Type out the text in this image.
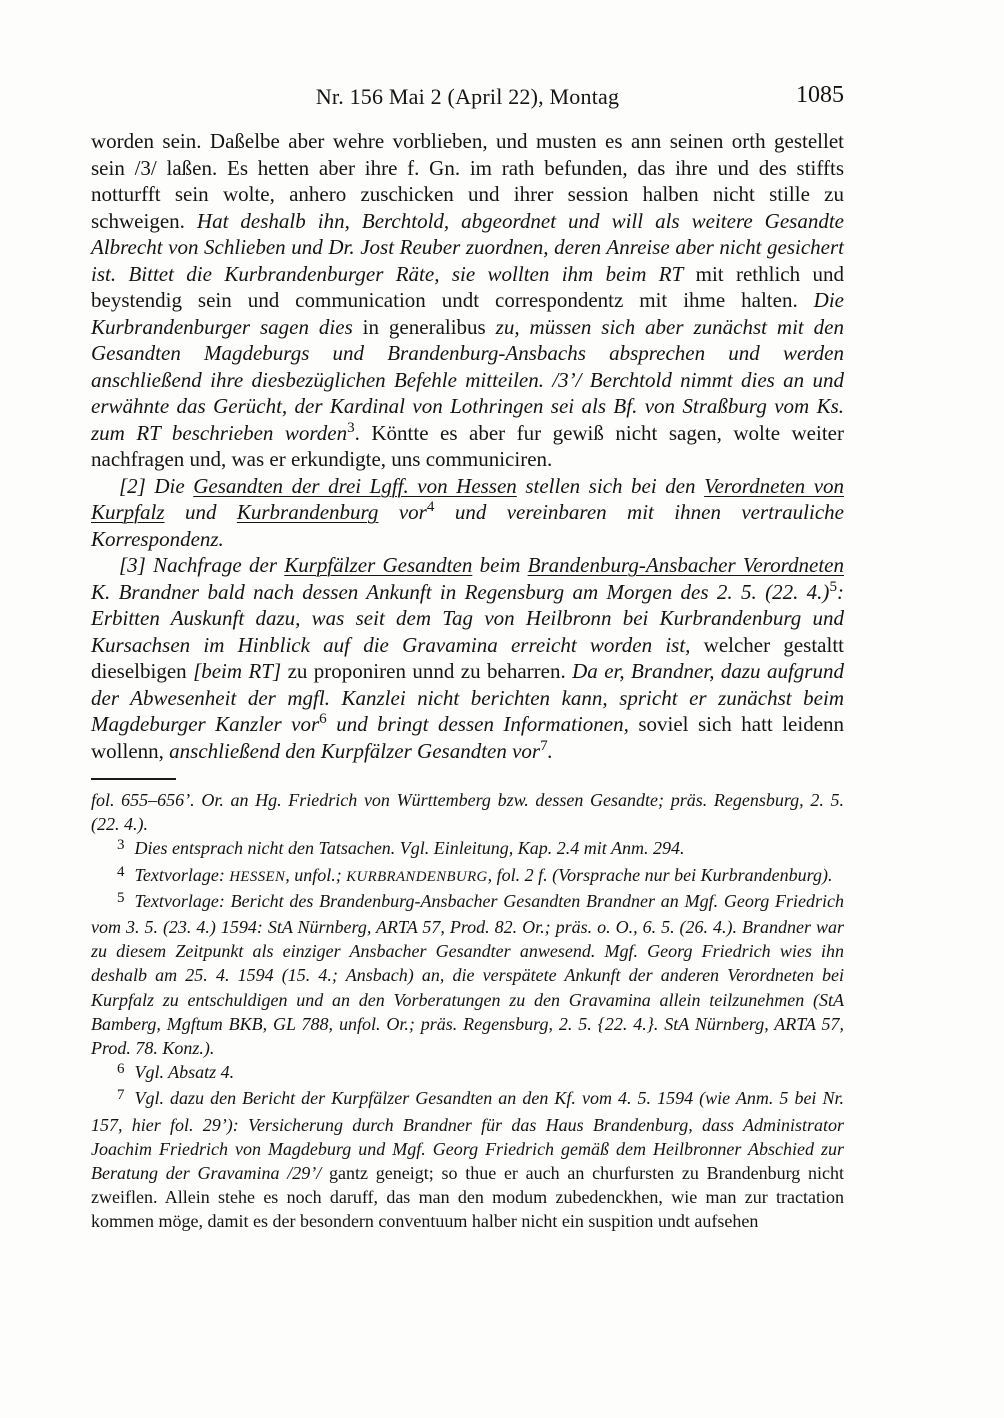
Nr. 156 Mai 2 (April 22), Montag	1085

worden sein. Daßelbe aber wehre vorblieben, und musten es ann seinen orth gestellet sein /3/ laßen. Es hetten aber ihre f. Gn. im rath befunden, das ihre und des stiffts notturfft sein wolte, anhero zuschicken und ihrer session halben nicht stille zu schweigen. Hat deshalb ihn, Berchtold, abgeordnet und will als weitere Gesandte Albrecht von Schlieben und Dr. Jost Reuber zuordnen, deren Anreise aber nicht gesichert ist. Bittet die Kurbrandenburger Räte, sie wollten ihm beim RT mit rethlich und beystendig sein und communication undt correspondentz mit ihme halten. Die Kurbrandenburger sagen dies in generalibus zu, müssen sich aber zunächst mit den Gesandten Magdeburgs und Brandenburg-Ansbachs absprechen und werden anschließend ihre diesbezüglichen Befehle mitteilen. /3’/ Berchtold nimmt dies an und erwähnte das Gerücht, der Kardinal von Lothringen sei als Bf. von Straßburg vom Ks. zum RT beschrieben worden$^3$. Köntte es aber fur gewiß nicht sagen, wolte weiter nachfragen und, was er erkundigte, uns communiciren.

[2] Die Gesandten der drei Lgff. von Hessen stellen sich bei den Verordneten von Kurpfalz und Kurbrandenburg vor$^4$ und vereinbaren mit ihnen vertrauliche Korrespondenz.

[3] Nachfrage der Kurpfälzer Gesandten beim Brandenburg-Ansbacher Verordneten K. Brandner bald nach dessen Ankunft in Regensburg am Morgen des 2. 5. (22. 4.)$^5$: Erbitten Auskunft dazu, was seit dem Tag von Heilbronn bei Kurbrandenburg und Kursachsen im Hinblick auf die Gravamina erreicht worden ist, welcher gestaltt dieselbigen [beim RT] zu proponiren unnd zu beharren. Da er, Brandner, dazu aufgrund der Abwesenheit der mgfl. Kanzlei nicht berichten kann, spricht er zunächst beim Magdeburger Kanzler vor$^6$ und bringt dessen Informationen, soviel sich hatt leidenn wollenn, anschließend den Kurpfälzer Gesandten vor$^7$.

fol. 655–656’. Or. an Hg. Friedrich von Württemberg bzw. dessen Gesandte; präs. Regensburg, 2. 5. (22. 4.).

3 Dies entsprach nicht den Tatsachen. Vgl. Einleitung, Kap. 2.4 mit Anm. 294.

4 Textvorlage: HESSEN, unfol.; KURBRANDENBURG, fol. 2 f. (Vorsprache nur bei Kurbrandenburg).

5 Textvorlage: Bericht des Brandenburg-Ansbacher Gesandten Brandner an Mgf. Georg Friedrich vom 3. 5. (23. 4.) 1594: StA Nürnberg, ARTA 57, Prod. 82. Or.; präs. o. O., 6. 5. (26. 4.). Brandner war zu diesem Zeitpunkt als einziger Ansbacher Gesandter anwesend. Mgf. Georg Friedrich wies ihn deshalb am 25. 4. 1594 (15. 4.; Ansbach) an, die verspätete Ankunft der anderen Verordneten bei Kurpfalz zu entschuldigen und an den Vorberatungen zu den Gravamina allein teilzunehmen (StA Bamberg, Mgftum BKB, GL 788, unfol. Or.; präs. Regensburg, 2. 5. {22. 4.}. StA Nürnberg, ARTA 57, Prod. 78. Konz.).

6 Vgl. Absatz 4.

7 Vgl. dazu den Bericht der Kurpfälzer Gesandten an den Kf. vom 4. 5. 1594 (wie Anm. 5 bei Nr. 157, hier fol. 29’): Versicherung durch Brandner für das Haus Brandenburg, dass Administrator Joachim Friedrich von Magdeburg und Mgf. Georg Friedrich gemäß dem Heilbronner Abschied zur Beratung der Gravamina /29’/ gantz geneigt; so thue er auch an churfursten zu Brandenburg nicht zweiflen. Allein stehe es noch daruff, das man den modum zubedenckhen, wie man zur tractation kommen möge, damit es der besondern conventuum halber nicht ein suspition undt aufsehen
